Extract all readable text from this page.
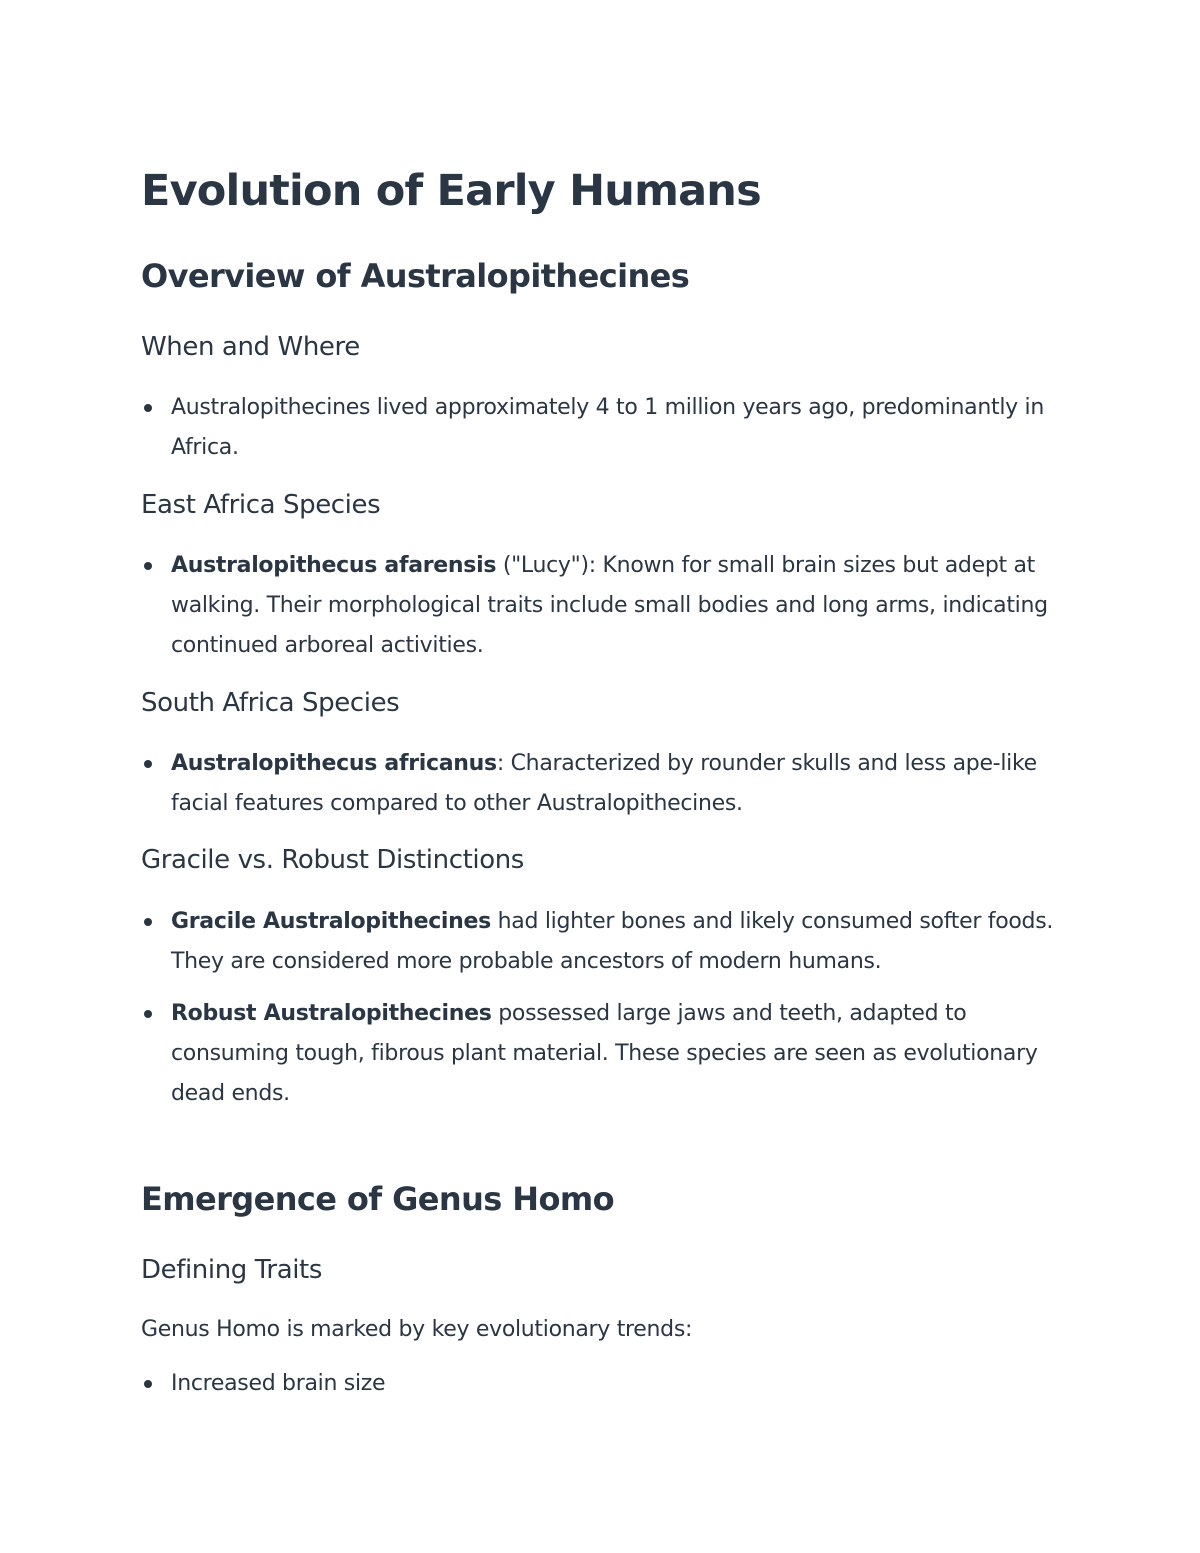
Evolution of Early Humans
Overview of Australopithecines
When and Where
Australopithecines lived approximately 4 to 1 million years ago, predominantly in Africa.
East Africa Species
Australopithecus afarensis ("Lucy"): Known for small brain sizes but adept at walking. Their morphological traits include small bodies and long arms, indicating continued arboreal activities.
South Africa Species
Australopithecus africanus: Characterized by rounder skulls and less ape-like facial features compared to other Australopithecines.
Gracile vs. Robust Distinctions
Gracile Australopithecines had lighter bones and likely consumed softer foods. They are considered more probable ancestors of modern humans.
Robust Australopithecines possessed large jaws and teeth, adapted to consuming tough, fibrous plant material. These species are seen as evolutionary dead ends.
Emergence of Genus Homo
Defining Traits

Genus Homo is marked by key evolutionary trends:

Increased brain size
